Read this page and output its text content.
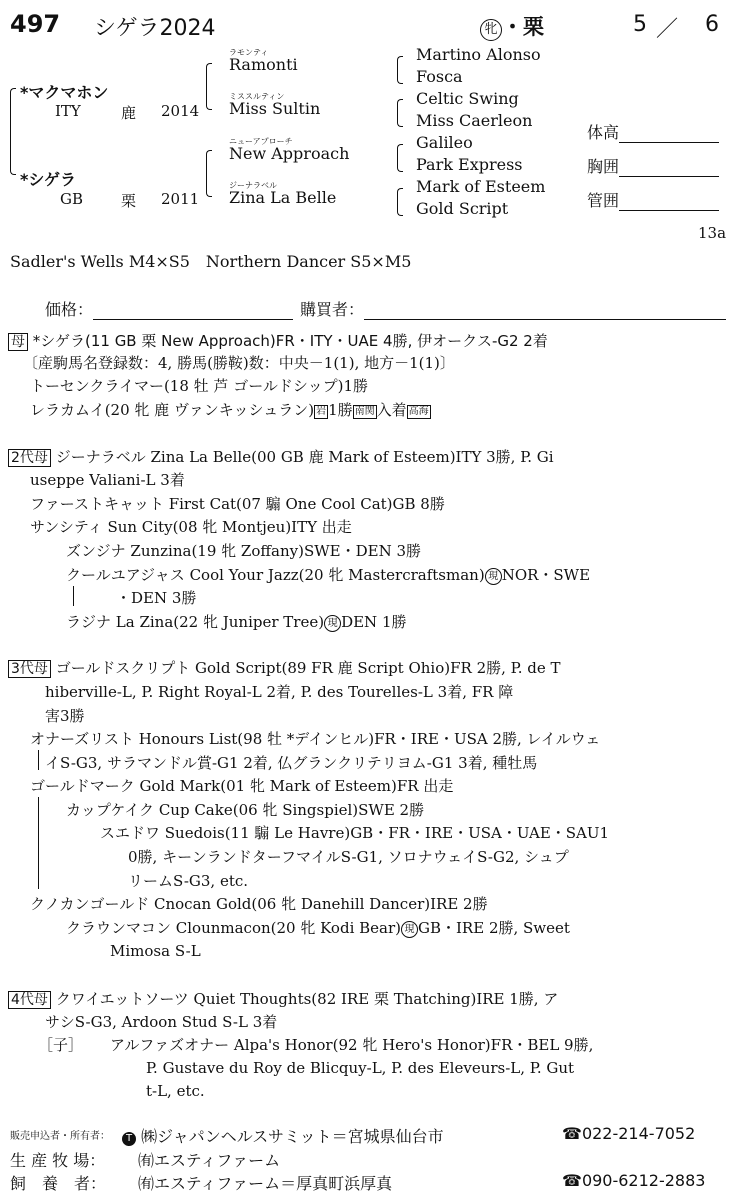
497 シゲラ2024	牝 ・栗	5 ／ 6
*マクマホン
ITY	鹿 2014
*シゲラ
GB	栗 2011
ラモンティ
Ramonti
ミススルティン
Miss Sultin
ニューアプローチ
New Approach
ジーナラベル
Zina La Belle
Martino Alonso
Fosca
Celtic Swing
Miss Caerleon
Galileo
Park Express
Mark of Esteem
Gold Script
体高
胸囲
管囲
13a
Sadler's Wells M4×S5　Northern Dancer S5×M5
価格：	購買者：
母 *シゲラ(11 GB 栗 New Approach)FR・ITY・UAE 4勝, 伊オークス-G2 2着
〔産駒馬名登録数：4, 勝馬(勝鞍)数：中央－1(1), 地方－1(1)〕
トーセンクライマー(18 牡 芦 ゴールドシップ)1勝
レラカムイ(20 牝 鹿 ヴァンキッシュラン) 岩 1勝 南関 入着 高海
2代母 ジーナラベル Zina La Belle(00 GB 鹿 Mark of Esteem)ITY 3勝, P. Gi
useppe Valiani-L 3着
ファーストキャット First Cat(07 騸 One Cool Cat)GB 8勝
サンシティ Sun City(08 牝 Montjeu)ITY 出走
ズンジナ Zunzina(19 牝 Zoffany)SWE・DEN 3勝
クールユアジャス Cool Your Jazz(20 牝 Mastercraftsman) 現 NOR・SWE
・DEN 3勝
ラジナ La Zina(22 牝 Juniper Tree) 現 DEN 1勝
3代母 ゴールドスクリプト Gold Script(89 FR 鹿 Script Ohio)FR 2勝, P. de T
hiberville-L, P. Right Royal-L 2着, P. des Tourelles-L 3着, FR 障
害3勝
オナーズリスト Honours List(98 牡 *デインヒル)FR・IRE・USA 2勝, レイルウェ
イS-G3, サラマンドル賞-G1 2着, 仏グランクリテリヨム-G1 3着, 種牡馬
ゴールドマーク Gold Mark(01 牝 Mark of Esteem)FR 出走
カップケイク Cup Cake(06 牝 Singspiel)SWE 2勝
スエドワ Suedois(11 騸 Le Havre)GB・FR・IRE・USA・UAE・SAU1
0勝, キーンランドターフマイルS-G1, ソロナウェイS-G2, シュプ
リームS-G3, etc.
クノカンゴールド Cnocan Gold(06 牝 Danehill Dancer)IRE 2勝
クラウンマコン Clounmacon(20 牝 Kodi Bear) 現 GB・IRE 2勝, Sweet
Mimosa S-L
4代母 クワイエットソーツ Quiet Thoughts(82 IRE 栗 Thatching)IRE 1勝, ア
サシS-G3, Ardoon Stud S-L 3着
［子］ アルファズオナー Alpa's Honor(92 牝 Hero's Honor)FR・BEL 9勝,
P. Gustave du Roy de Blicquy-L, P. des Eleveurs-L, P. Gut
t-L, etc.
販売申込者・所有者：	T ㈱ジャパンヘルスサミット＝宮城県仙台市	☎022-214-7052
生 産 牧 場： ㈲エスティファーム
飼　養　者： ㈲エスティファーム＝厚真町浜厚真	☎090-6212-2883
